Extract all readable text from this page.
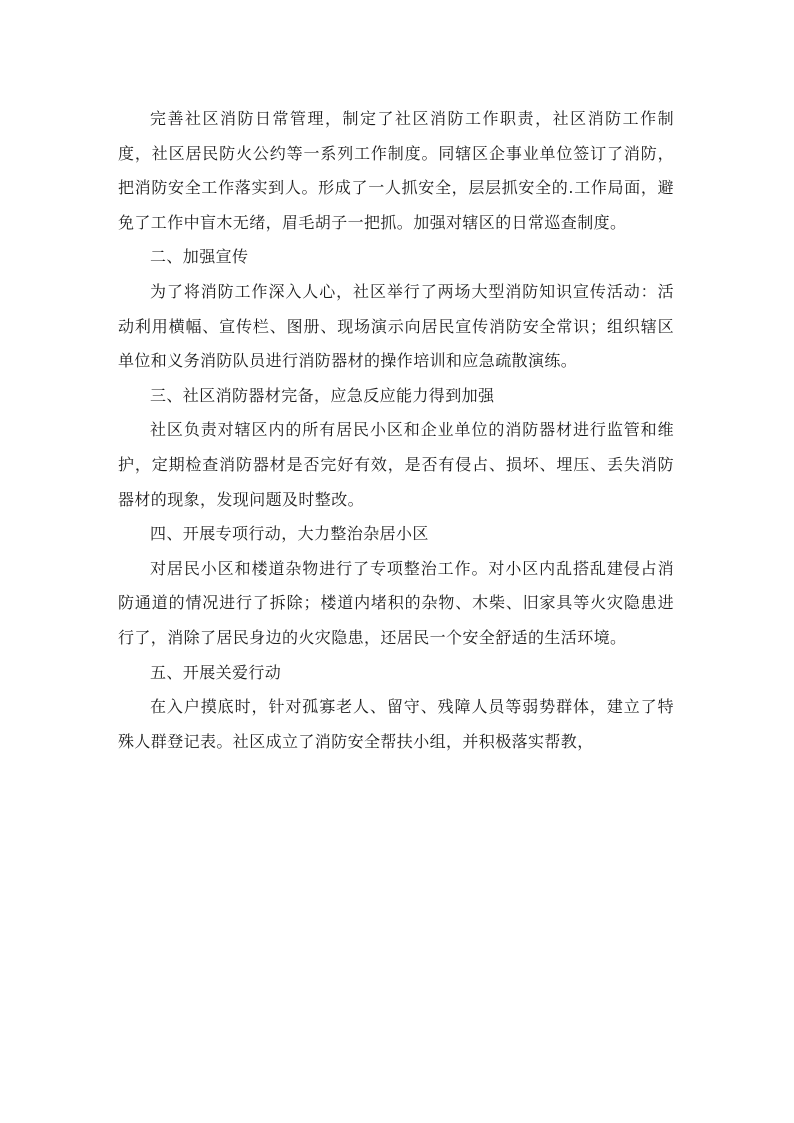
完善社区消防日常管理，制定了社区消防工作职责，社区消防工作制度，社区居民防火公约等一系列工作制度。同辖区企事业单位签订了消防，把消防安全工作落实到人。形成了一人抓安全，层层抓安全的.工作局面，避免了工作中盲木无绪，眉毛胡子一把抓。加强对辖区的日常巡查制度。

二、加强宣传

为了将消防工作深入人心，社区举行了两场大型消防知识宣传活动：活动利用横幅、宣传栏、图册、现场演示向居民宣传消防安全常识；组织辖区单位和义务消防队员进行消防器材的操作培训和应急疏散演练。

三、社区消防器材完备，应急反应能力得到加强

社区负责对辖区内的所有居民小区和企业单位的消防器材进行监管和维护，定期检查消防器材是否完好有效，是否有侵占、损坏、埋压、丢失消防器材的现象，发现问题及时整改。

四、开展专项行动，大力整治杂居小区

对居民小区和楼道杂物进行了专项整治工作。对小区内乱搭乱建侵占消防通道的情况进行了拆除；楼道内堵积的杂物、木柴、旧家具等火灾隐患进行了，消除了居民身边的火灾隐患，还居民一个安全舒适的生活环境。

五、开展关爱行动

在入户摸底时，针对孤寡老人、留守、残障人员等弱势群体，建立了特殊人群登记表。社区成立了消防安全帮扶小组，并积极落实帮教，
